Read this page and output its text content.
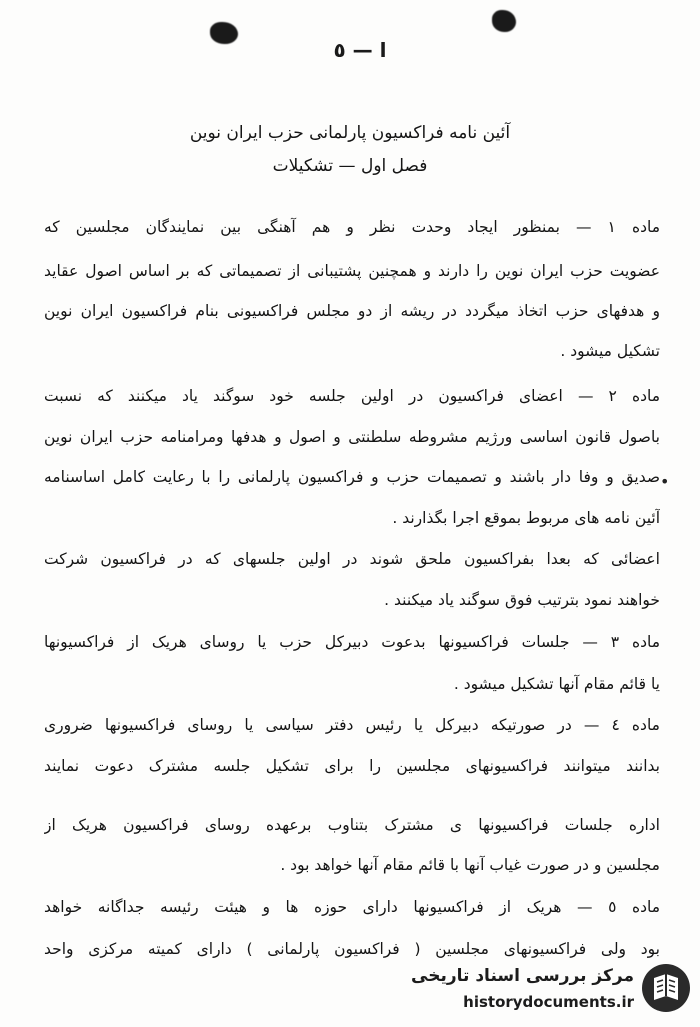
ا — ٥
آئین نامه فراکسیون پارلمانی حزب ایران نوین
فصل اول — تشکیلات
ماده ۱ — بمنظور ایجاد وحدت نظر و هم آهنگی بین نمایندگان مجلسین که
عضویت حزب ایران نوین را دارند و همچنین پشتیبانی از تصمیماتی که بر اساس اصول عقاید
و هدفهای حزب اتخاذ میگردد در ریشه از دو مجلس فراکسیونی بنام فراکسیون ایران نوین
تشکیل میشود .
ماده ۲ — اعضای فراکسیون در اولین جلسه خود سوگند یاد میکنند که نسبت
باصول قانون اساسی ورژیم مشروطه سلطنتی و اصول و هدفها ومرامنامه حزب ایران نوین
صدیق و وفا دار باشند و تصمیمات حزب و فراکسیون پارلمانی را با رعایت کامل اساسنامه
آئین نامه های مربوط بموقع اجرا بگذارند .
•
اعضائی که بعدا بفراکسیون ملحق شوند در اولین جلسهای که در فراکسیون شرکت
خواهند نمود بترتیب فوق سوگند یاد میکنند .
ماده ۳ — جلسات فراکسیونها بدعوت دبیرکل حزب یا روسای هریک از فراکسیونها
یا قائم مقام آنها تشکیل میشود .
ماده ٤ — در صورتیکه دبیرکل یا رئیس دفتر سیاسی یا روسای فراکسیونها ضروری
بدانند میتوانند فراکسیونهای مجلسین را برای تشکیل جلسه مشترک دعوت نمایند
اداره جلسات فراکسیونها ی مشترک بتناوب برعهده روسای فراکسیون هریک از
مجلسین و در صورت غیاب آنها با قائم مقام آنها خواهد بود .
ماده ٥ — هریک از فراکسیونها دارای حوزه ها و هیئت رئیسه جداگانه خواهد
بود ولی فراکسیونهای مجلسین ( فراکسیون پارلمانی ) دارای کمیته مرکزی واحد
مرکز بررسی اسناد تاریخی
historydocuments.ir
